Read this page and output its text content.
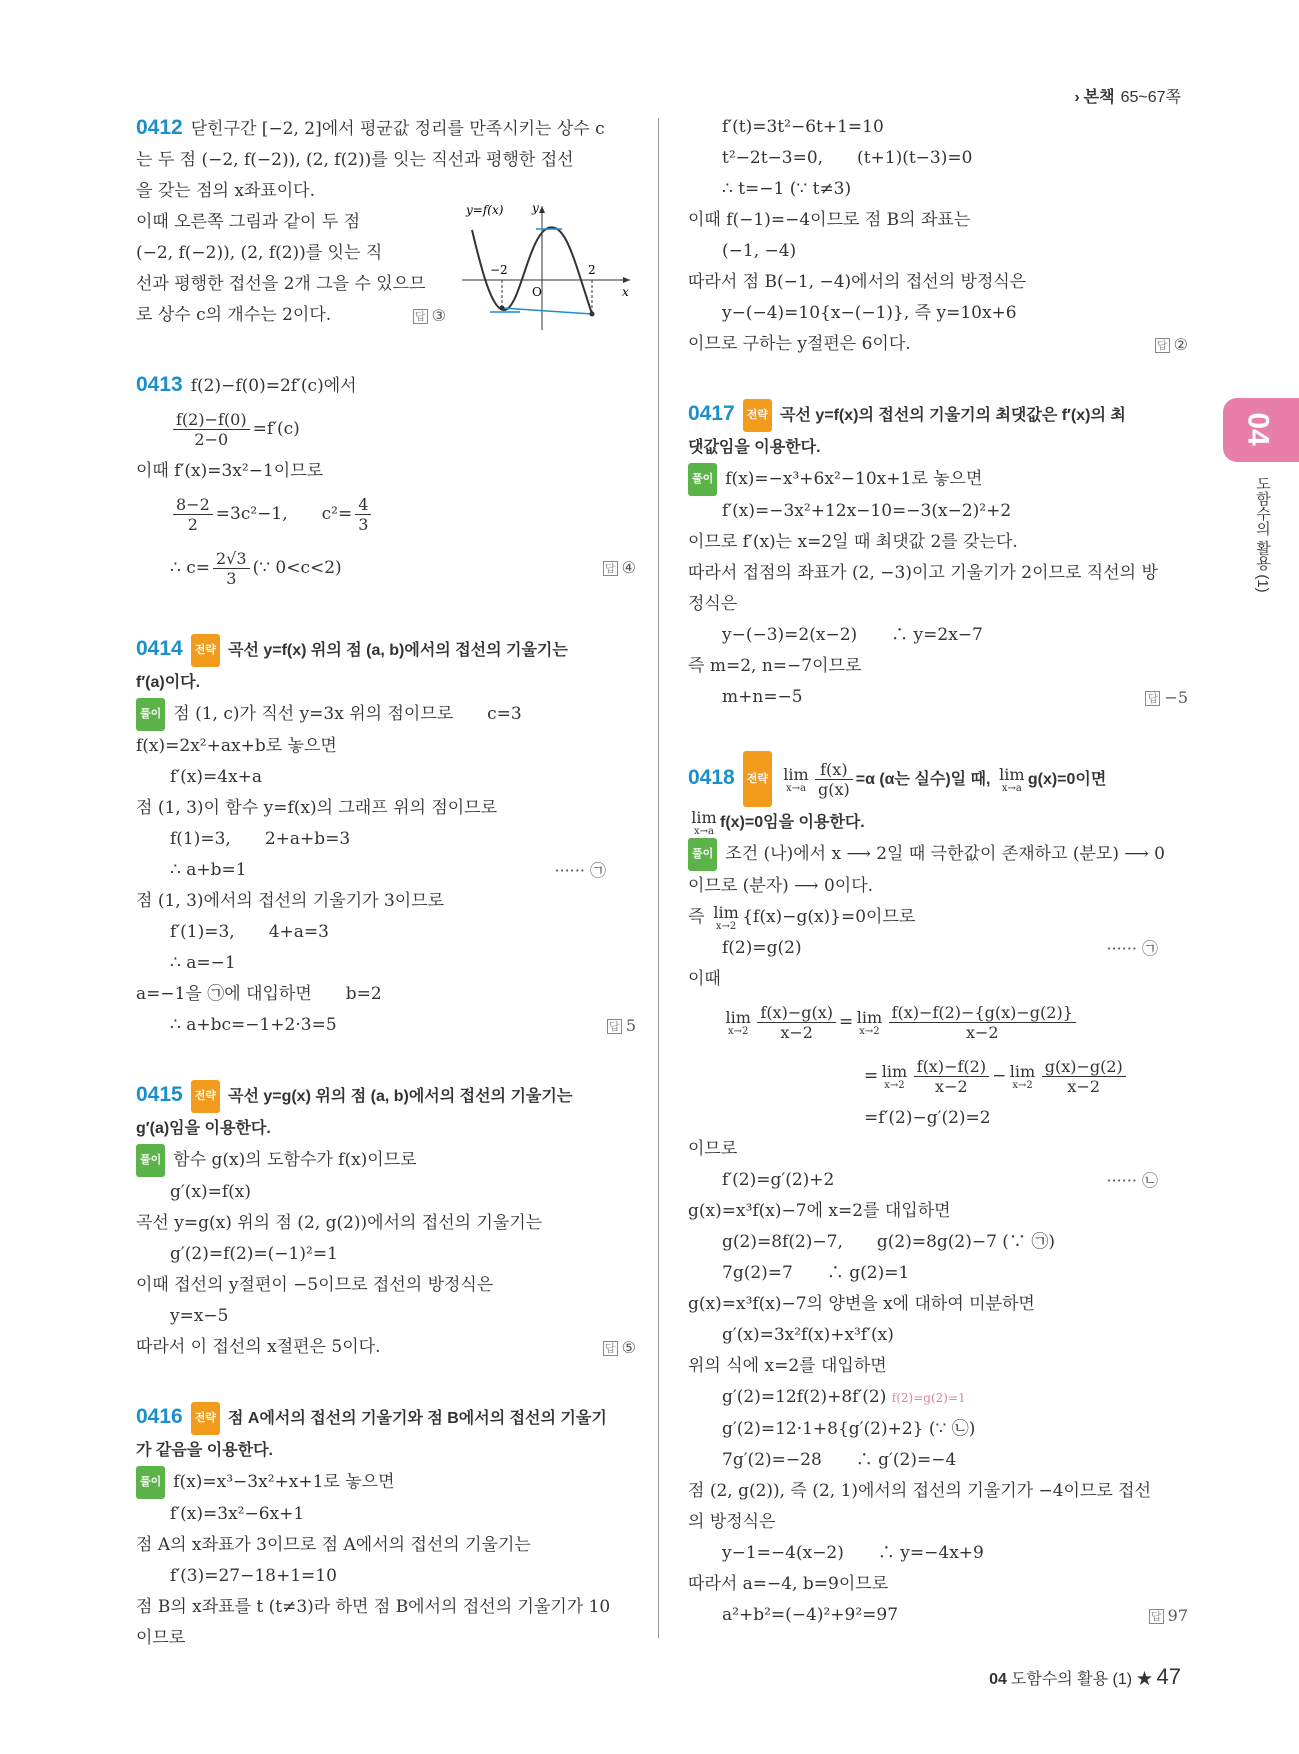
› 본책 65~67쪽
04
도함수의 활용 (1)
0412 닫힌구간 [−2, 2]에서 평균값 정리를 만족시키는 상수 c
는 두 점 (−2, f(−2)), (2, f(2))를 잇는 직선과 평행한 접선
을 갖는 점의 x좌표이다.
이때 오른쪽 그림과 같이 두 점
(−2, f(−2)), (2, f(2))를 잇는 직
선과 평행한 접선을 2개 그을 수 있으므
로 상수 c의 개수는 2이다.	답 ③
y=f(x) y
x
O
−2	2
0413 f(2)−f(0)=2f′(c)에서
$\frac{f(2)-f(0)}{2-0} =f'(c)$
이때 f′(x)=3x²−1이므로
$\frac{8-2}{2} =3c^2-1$,　　 $c^2= \frac{4}{3}$
∴ $c= \frac{2√3}{3}$ (∵ 0<c<2)	답 ④
0414 전략 곡선 y=f(x) 위의 점 (a, b)에서의 접선의 기울기는
f′(a)이다.
풀이 점 (1, c)가 직선 y=3x 위의 점이므로　　c=3
f(x)=2x²+ax+b로 놓으면
f′(x)=4x+a
점 (1, 3)이 함수 y=f(x)의 그래프 위의 점이므로
f(1)=3,　　2+a+b=3
∴ a+b=1	······ ㉠
점 (1, 3)에서의 접선의 기울기가 3이므로
f′(1)=3,　　4+a=3
∴ a=−1
a=−1을 ㉠에 대입하면　　b=2
∴ a+bc=−1+2·3=5	답 5
0415 전략 곡선 y=g(x) 위의 점 (a, b)에서의 접선의 기울기는
g′(a)임을 이용한다.
풀이 함수 g(x)의 도함수가 f(x)이므로
g′(x)=f(x)
곡선 y=g(x) 위의 점 (2, g(2))에서의 접선의 기울기는
g′(2)=f(2)=(−1)²=1
이때 접선의 y절편이 −5이므로 접선의 방정식은
y=x−5
따라서 이 접선의 x절편은 5이다.	답 ⑤
0416 전략 점 A에서의 접선의 기울기와 점 B에서의 접선의 기울기
가 같음을 이용한다.
풀이 f(x)=x³−3x²+x+1로 놓으면
f′(x)=3x²−6x+1
점 A의 x좌표가 3이므로 점 A에서의 접선의 기울기는
f′(3)=27−18+1=10
점 B의 x좌표를 t (t≠3)라 하면 점 B에서의 접선의 기울기가 10
이므로
f′(t)=3t²−6t+1=10
t²−2t−3=0,　　(t+1)(t−3)=0
∴ t=−1 (∵ t≠3)
이때 f(−1)=−4이므로 점 B의 좌표는
(−1, −4)
따라서 점 B(−1, −4)에서의 접선의 방정식은
y−(−4)=10{x−(−1)}, 즉 y=10x+6
이므로 구하는 y절편은 6이다.	답 ②
0417 전략 곡선 y=f(x)의 접선의 기울기의 최댓값은 f′(x)의 최
댓값임을 이용한다.
풀이 f(x)=−x³+6x²−10x+1로 놓으면
f′(x)=−3x²+12x−10=−3(x−2)²+2
이므로 f′(x)는 x=2일 때 최댓값 2를 갖는다.
따라서 접점의 좌표가 (2, −3)이고 기울기가 2이므로 직선의 방
정식은
y−(−3)=2(x−2)　　∴ y=2x−7
즉 m=2, n=−7이므로
m+n=−5	답 −5
0418 전략 lim
$x\to a \frac{f(x)}{g(x)} =\alpha$ (α는 실수)일 때, lim
x→a
g(x)=0이면
lim
x→a
f(x)=0임을 이용한다.
풀이 조건 (나)에서 x ⟶ 2일 때 극한값이 존재하고 (분모) ⟶ 0
이므로 (분자) ⟶ 0이다.
즉 lim
x→2 {f(x)−g(x)}=0이므로
f(2)=g(2)	······ ㉠
이때
lim
$x\to 2 \frac{f(x)-g(x)}{x-2} = \lim$
$x\to 2 \frac{f(x)-f(2)-\{g(x)-g(2)\}}{x-2}$
= lim
$x\to 2 \frac{f(x)-f(2)}{x-2} - \lim$
$x\to 2 \frac{g(x)-g(2)}{x-2}$
=f′(2)−g′(2)=2
이므로
f′(2)=g′(2)+2	······ ㉡
g(x)=x³f(x)−7에 x=2를 대입하면
g(2)=8f(2)−7,　　g(2)=8g(2)−7 (∵ ㉠)
7g(2)=7　　∴ g(2)=1
g(x)=x³f(x)−7의 양변을 x에 대하여 미분하면
g′(x)=3x²f(x)+x³f′(x)
위의 식에 x=2를 대입하면
g′(2)=12f(2)+8f′(2) f(2)=g(2)=1
g′(2)=12·1+8{g′(2)+2} (∵ ㉡)
7g′(2)=−28　　∴ g′(2)=−4
점 (2, g(2)), 즉 (2, 1)에서의 접선의 기울기가 −4이므로 접선
의 방정식은
y−1=−4(x−2)　　∴ y=−4x+9
따라서 a=−4, b=9이므로
a²+b²=(−4)²+9²=97	답 97
04 도함수의 활용 (1) ★ 47
